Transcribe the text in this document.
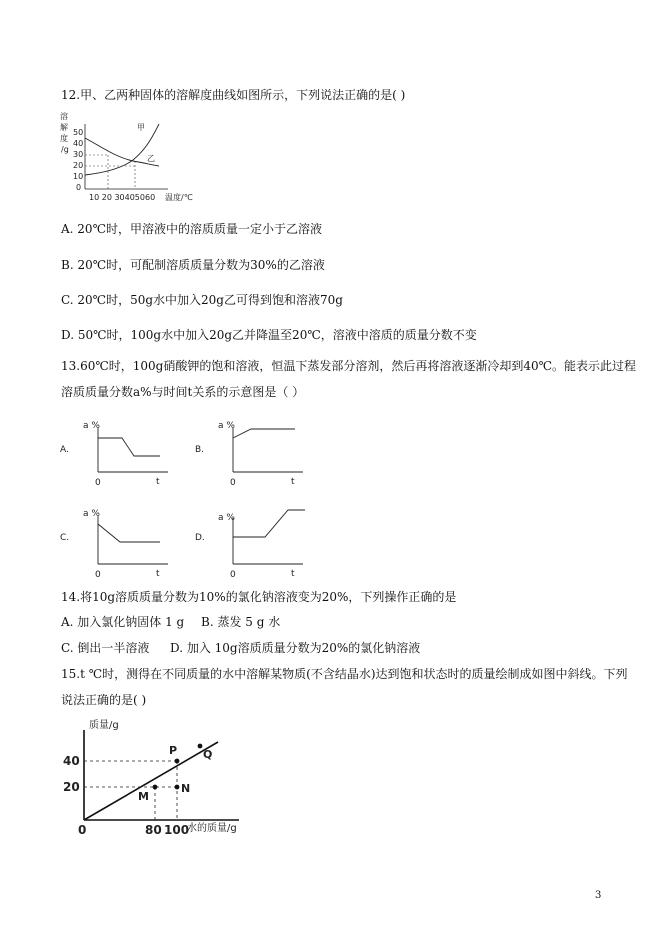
12.甲、乙两种固体的溶解度曲线如图所示，下列说法正确的是( )
溶
解
度
/g
50
40
30
20
10
0
10 20 30405060 温度/℃
甲
乙
A. 20℃时，甲溶液中的溶质质量一定小于乙溶液
B. 20℃时，可配制溶质质量分数为30%的乙溶液
C. 20℃时，50g水中加入20g乙可得到饱和溶液70g
D. 50℃时，100g水中加入20g乙并降温至20℃，溶液中溶质的质量分数不变
13.60℃时，100g硝酸钾的饱和溶液，恒温下蒸发部分溶剂，然后再将溶液逐渐冷却到40℃。能表示此过程
溶质质量分数a%与时间t关系的示意图是（ ）
A.
a %
0	t
B.
a %
0	t
C.
a %
0	t
D.
a %
0	t
14.将10g溶质质量分数为10%的氯化钠溶液变为20%，下列操作正确的是
A. 加入氯化钠固体 1 g B. 蒸发 5 g 水
C. 倒出一半溶液 D. 加入 10g溶质质量分数为20%的氯化钠溶液
15.t ℃时，测得在不同质量的水中溶解某物质(不含结晶水)达到饱和状态时的质量绘制成如图中斜线。下列
说法正确的是( )
质量/g
40
20
0	80 100
水的质量/g
P Q
M
N
3
